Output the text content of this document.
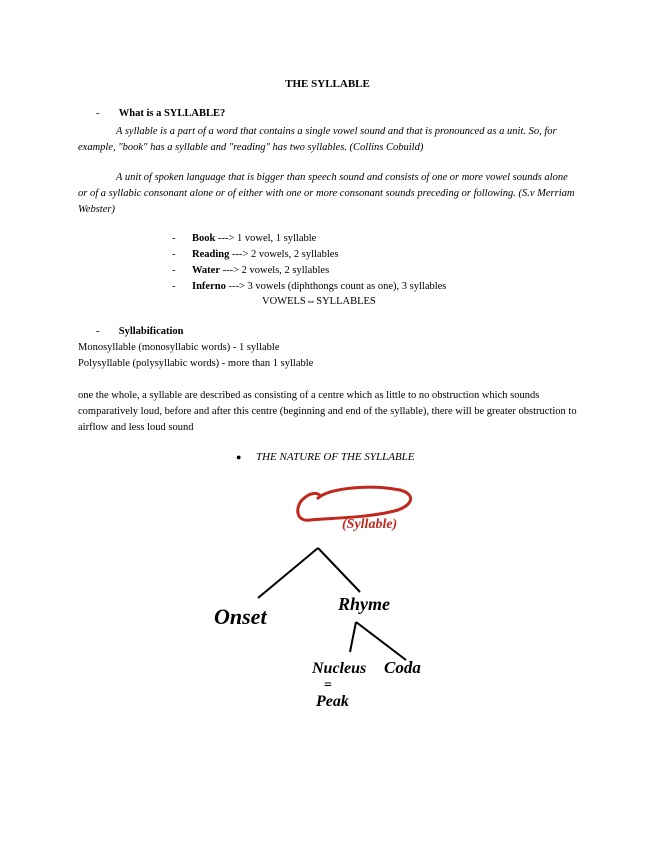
THE SYLLABLE
- What is a SYLLABLE?
A syllable is a part of a word that contains a single vowel sound and that is pronounced as a unit. So, for example, "book" has a syllable and "reading" has two syllables. (Collins Cobuild)
A unit of spoken language that is bigger than speech sound and consists of one or more vowel sounds alone or of a syllabic consonant alone or of either with one or more consonant sounds preceding or following. (S.v Merriam Webster)
- Book ---> 1 vowel, 1 syllable
- Reading ---> 2 vowels, 2 syllables
- Water ---> 2 vowels, 2 syllables
- Inferno ---> 3 vowels (diphthongs count as one), 3 syllables
VOWELS⇔SYLLABLES
- Syllabification
Monosyllable (monosyllabic words) - 1 syllable
Polysyllable (polysyllabic words) - more than 1 syllable
one the whole, a syllable are described as consisting of a centre which as little to no obstruction which sounds comparatively loud, before and after this centre (beginning and end of the syllable), there will be greater obstruction to airflow and less loud sound
● THE NATURE OF THE SYLLABLE
(Syllable)
Onset	Rhyme
Nucleus Coda
=
Peak
